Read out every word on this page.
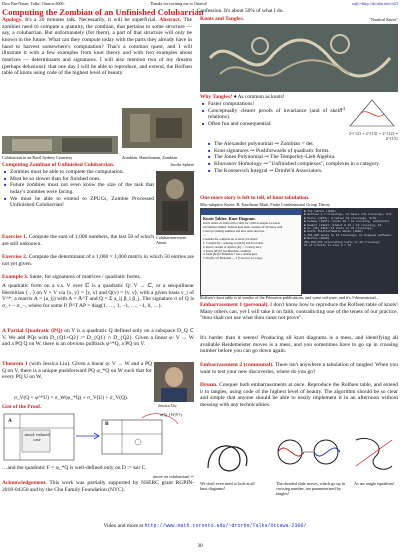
Dror Bar-Natan: Talks: Ottawa-2006:	Thanks for inviting me to Ottawa!	ωεβ:=http://drorbn.net/ot23
Computing the Zombian of an Unfinished Colubarrian
Confession. It's about 50% of what I do.
Apology. It's a 20 minutes talk. Necessarily, it will be superficial. Abstract. The zombies need to compute a quantity, the zombian, that pertains to some structure — say, a colubarrian. But unfortunately (for them), a part of that structure will only be known in the future. What can they compute today with the parts they already have in hand to harvest somewhere's computation? That's a common quest, and I will illustrate it with a few examples from knot theory and with two examples about matrices — determinants and signatures. I will also mention two of my dreams (perhaps delusions): that one day I will be able to reproduce, and extend, the Rolfsen table of knots using code of the highest level of beauty.
Colubarrian in an Ravil Sydney Cemetery	Zombian, Hamiltonian, Zombian
Computing Zombian of Unfinished Colubarrian.	Jacobs Sphere
■ Zombies must be able to complete the computation.
■ Must be so slower than for finished ones.
■ Future zombies must not even know the size of the task that today's zombies were facing.
■ We must be able to extend to ZPUCs, Zombie Processed Unfinished Colubarrian!
Exercise 1. Compute the sum of 1,000 numbers, the last 50 of which are still unknown.
Exercise 2. Compute the determinant of a 1,000 × 1,000 matrix in which 50 entries are not yet given.
Colubarrian-more Aneut
Example 3. Same, for signatures of matrices / quadratic forms.
A quadratic form on a v.s. V over ℂ is a quadratic Q: V → ℂ, or a sesquilinear Hermitian ⟨·,·⟩ on V × V via ⟨x, y⟩ = ⟨y, x⟩ and Q(v) = ⟨v, v⟩, with a given basis v_i of V^*, a matrix A = (a_ij) with A = Ā^T and Q = Σ a_ij β_i β_j. The signature σ of Q is σ_+ − σ_−, where for some P, P̄^T AP = diag(1, …, 1, −1, …, −1, 0, …).
A Partial Quadratic (PQ) on V is a quadratic Q defined only on a subspace D_Q ⊂ V. We add PQs with D_{Q1+Q2} := D_{Q1} ∩ D_{Q2}. Given a linear φ: V → W and a PQ Q on W, there is an obvious pullback φ^*Q, a PQ on V.
Theorem 1 (with Jessica Liu). Given a linear φ: V → W and a PQ Q on V, there is a unique pushforward PQ φ_*Q on W such that for every PQ U on W,
σ_V(Q + φ^*U) = σ_W(φ_*Q) + σ_V(U) + σ_V(Q).
Jessica Liu
Gist of the Proof.
A	B
simul- reduced case
σ(Q_{W|V})
…and the quadratic F = φ_*Q is well-defined only on D := ker C.
(more on colubarrian) ↩
Acknowledgement. This work was partially supported by NSERC grant RGPIN-2018-04350 and by the Chu Family Foundation (NYC).
Knots and Tangles.	"Nautical Knots"
Why Tangles? ♦ As common as knots!
■ Faster computations!
■ Conceptually clearer proofs of invariance (and of skein relations).
■ Often fun and consequential:
n/2
2^{12} + 2^{13} + 2^{12} = 2^{13}
■ The Alexander polynomial ↝ Zombian = det.
■ Knot signatures ↝ Pushforwards of quadratic forms.
■ The Jones Polynomial ↝ The Temperley-Lieb Algebra.
■ Khovanov Homology ↝ "Unfinished complexes", complexes in a category.
■ The Kontsevich Integral ↝ Drinfel'd Associators.
One more story is left to tell, of knot tabulation.
Mac-adoptive Knots: B. Kauffman Math, Finite Combinatorial Group Theory
Knots Tables: Knot Diagram.
Knots tables are filled with a table for 1,662 K-tangles for knots
and linking number. Rolfsen knot table contains 24 5/6 knots with
Conway's linking numbers and knot table structure.
—
Consider the complete set of knots 3/4 tables:
1. Cons(M,N) ≥ ordering on (M,N) and Ford table
2. Knots, strands of algebra (K) — Conway knot
3. Kstrat (B3) if has Brunnian condition
4. Idem (K3) if Brunnian + has a double knot
5. Kn (B) 3 if Brunnian — 2 (3 and not too large)
■ The tables (1986)
■ Rolfsen's 7 crossings, to basis 7/8 crossings, 9/9
■ Perko (1974): 3 tables 10 crossings, 9/10
■ Conway (1967): knots 10 / 11 crossing, complexity
■ Dowker (1983): Eldest & 12 / 13 crossing, 12
■ Cs (16) 1998 (14 knots in 16 crossings)
■ Hoste Thistlethwaite Weeks (1998)
1,701,936 knots to 16 crossings, by Snappea software
■ Burton (2020)
352,152,252 alternating knots in 19 crossings
13 of 6 Knots to also 4 / 19
Rolfsen's knot table is in vendor of the Princeton publications, and some software, and it's 3-dimensional...
Embarrassment 1 (personal). I don't know how to reproduce the Rolfsen table of knots! Many others can, yet I will take it on faith, contradicting one of the tenets of our practice, "thou shalt not use what thou canst not prove".
It's harder than it seems! Producing all knot diagrams is a mess, and identifying all available Reidemeister moves is a mess, and you sometimes have to go up in crossing number before you can go down again.
Embarrassment 2 (communal). There isn't anywhere a tabulation of tangles! When you want to test your new discoveries, where do you go?
Dream. Conquer both embarrassments at once. Reproduce the Rolfsen table, and extend it to tangles, using code of the highest level of beauty. The algorithm should be so clear and simple that anyone should be able to easily implement it in an afternoon without messing with any technicalities.
We don't even need to look at all knot diagrams!
The dreaded slide moves, which go up in crossing number, are parameterized by tangles!
As are tangle equalities!
Video and more at http://www.math.toronto.edu/~drorbn/Talks/Ottawa-2306/
30
